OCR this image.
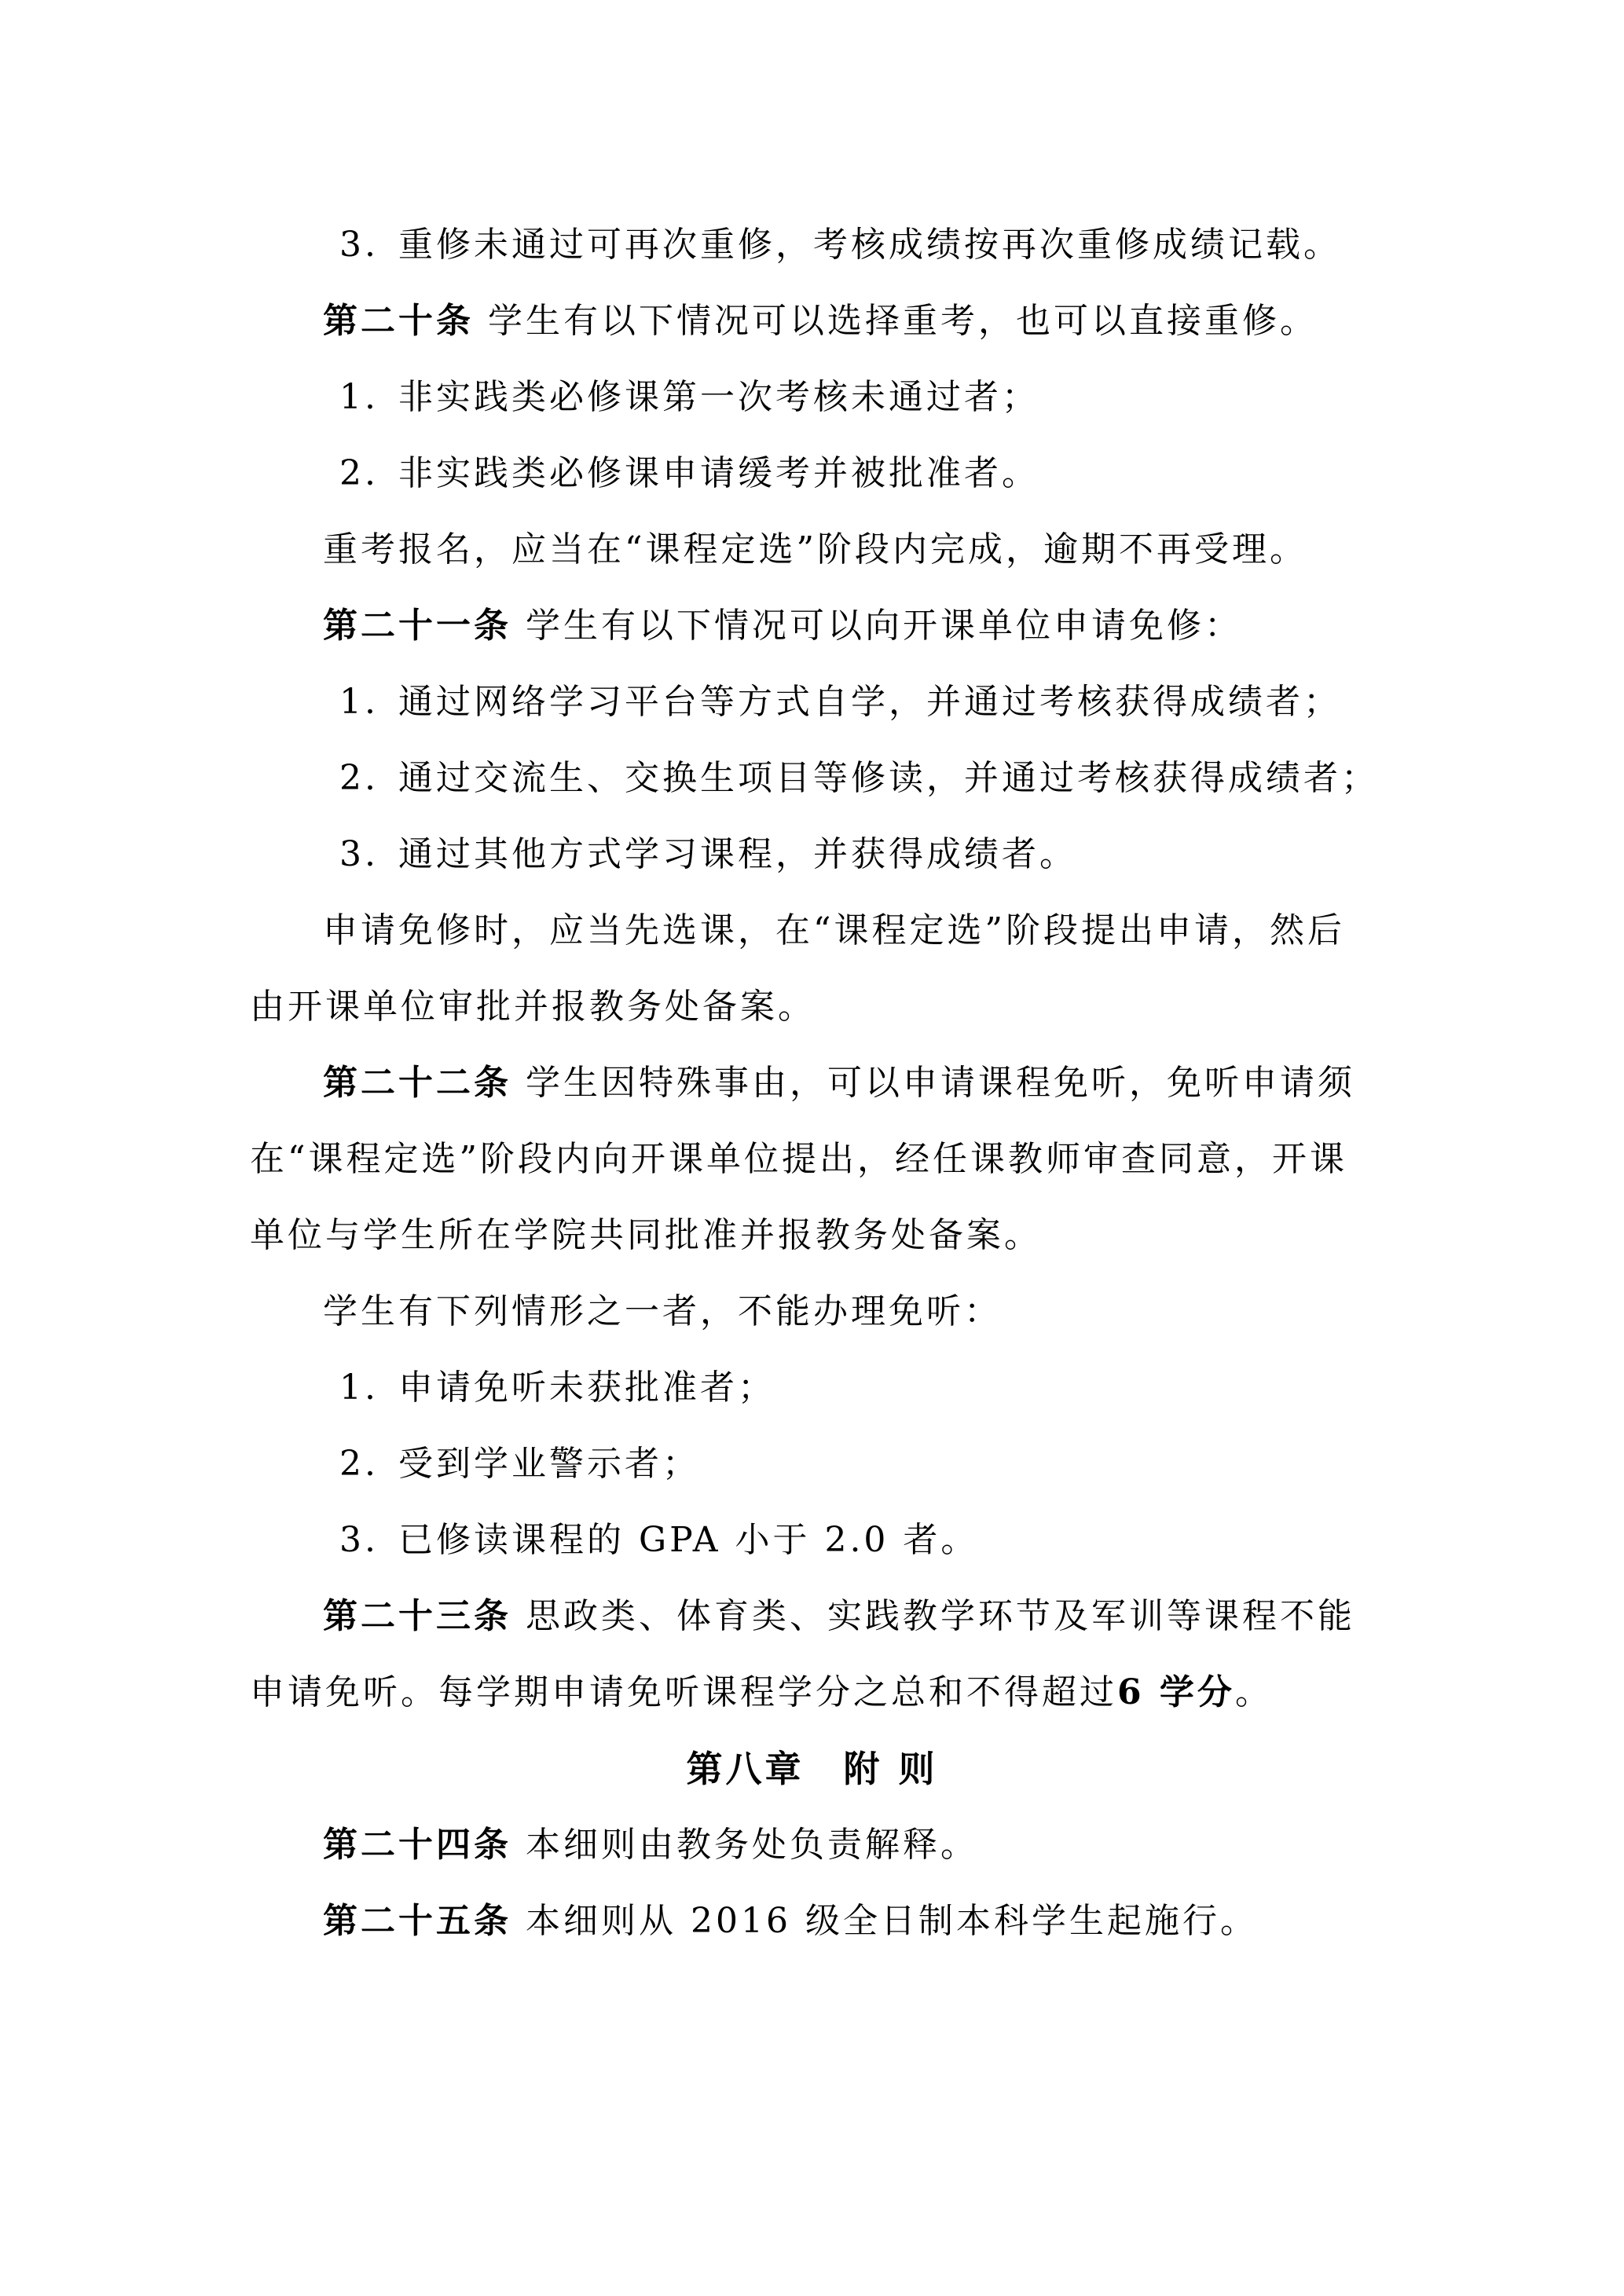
3. 重修未通过可再次重修，考核成绩按再次重修成绩记载。
第二十条 学生有以下情况可以选择重考，也可以直接重修。
1. 非实践类必修课第一次考核未通过者；
2. 非实践类必修课申请缓考并被批准者。
重考报名，应当在“课程定选”阶段内完成，逾期不再受理。
第二十一条 学生有以下情况可以向开课单位申请免修：
1. 通过网络学习平台等方式自学，并通过考核获得成绩者；
2. 通过交流生、交换生项目等修读，并通过考核获得成绩者；
3. 通过其他方式学习课程，并获得成绩者。
申请免修时，应当先选课，在“课程定选”阶段提出申请，然后
由开课单位审批并报教务处备案。
第二十二条 学生因特殊事由，可以申请课程免听，免听申请须
在“课程定选”阶段内向开课单位提出，经任课教师审查同意，开课
单位与学生所在学院共同批准并报教务处备案。
学生有下列情形之一者，不能办理免听：
1. 申请免听未获批准者；
2. 受到学业警示者；
3. 已修读课程的 GPA 小于 2.0 者。
第二十三条 思政类、体育类、实践教学环节及军训等课程不能
申请免听。每学期申请免听课程学分之总和不得超过6 学分。
第八章　附 则
第二十四条 本细则由教务处负责解释。
第二十五条 本细则从 2016 级全日制本科学生起施行。
